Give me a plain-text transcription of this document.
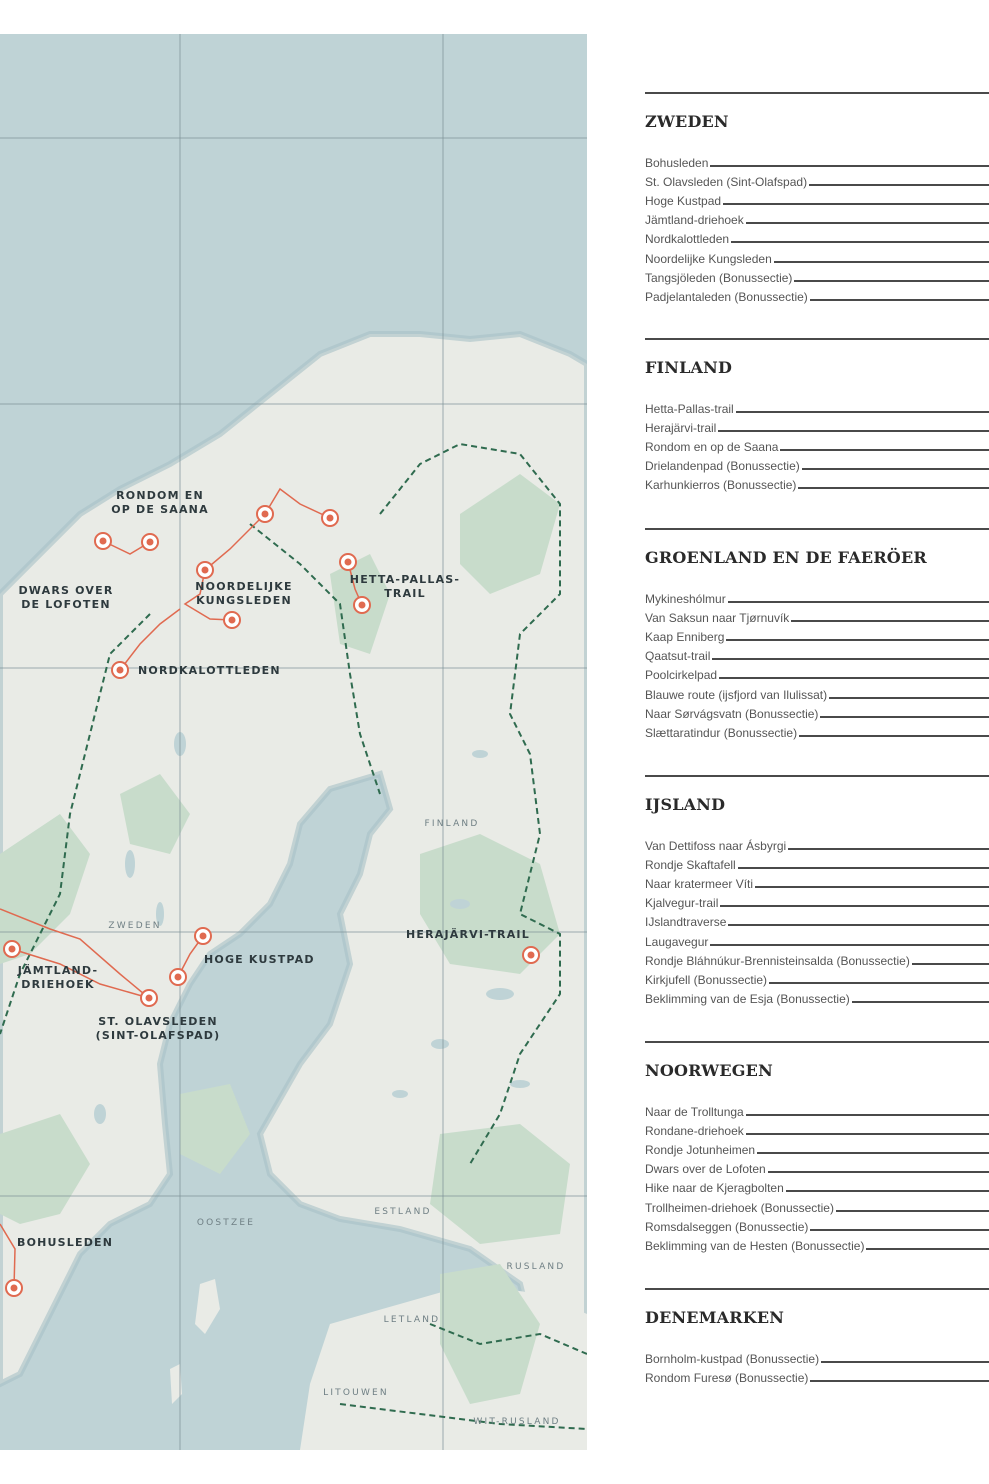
RONDOM EN OP DE SAANA
DWARS OVER DE LOFOTEN
NOORDELIJKE KUNGSLEDEN
HETTA-PALLAS-TRAIL
NORDKALOTTLEDEN
HOGE KUSTPAD
HERAJÄRVI-TRAIL
JÄMTLAND-DRIEHOEK
ST. OLAVSLEDEN (SINT-OLAFSPAD)
BOHUSLEDEN
FINLAND
ZWEDEN
OOSTZEE
ESTLAND
RUSLAND
LETLAND
LITOUWEN
WIT-RUSLAND
ZWEDEN
Bohusleden
St. Olavsleden (Sint-Olafspad)
Hoge Kustpad
Jämtland-driehoek
Nordkalottleden
Noordelijke Kungsleden
Tangsjöleden (Bonussectie)
Padjelantaleden (Bonussectie)
FINLAND
Hetta-Pallas-trail
Herajärvi-trail
Rondom en op de Saana
Drielandenpad (Bonussectie)
Karhunkierros (Bonussectie)
GROENLAND EN DE FAERÖER
Mykineshólmur
Van Saksun naar Tjørnuvík
Kaap Enniberg
Qaatsut-trail
Poolcirkelpad
Blauwe route (ijsfjord van Ilulissat)
Naar Sørvágsvatn (Bonussectie)
Slættaratindur (Bonussectie)
IJSLAND
Van Dettifoss naar Ásbyrgi
Rondje Skaftafell
Naar kratermeer Víti
Kjalvegur-trail
IJslandtraverse
Laugavegur
Rondje Bláhnúkur-Brennisteinsalda (Bonussectie)
Kirkjufell (Bonussectie)
Beklimming van de Esja (Bonussectie)
NOORWEGEN
Naar de Trolltunga
Rondane-driehoek
Rondje Jotunheimen
Dwars over de Lofoten
Hike naar de Kjeragbolten
Trollheimen-driehoek (Bonussectie)
Romsdalseggen (Bonussectie)
Beklimming van de Hesten (Bonussectie)
DENEMARKEN
Bornholm-kustpad (Bonussectie)
Rondom Furesø (Bonussectie)
